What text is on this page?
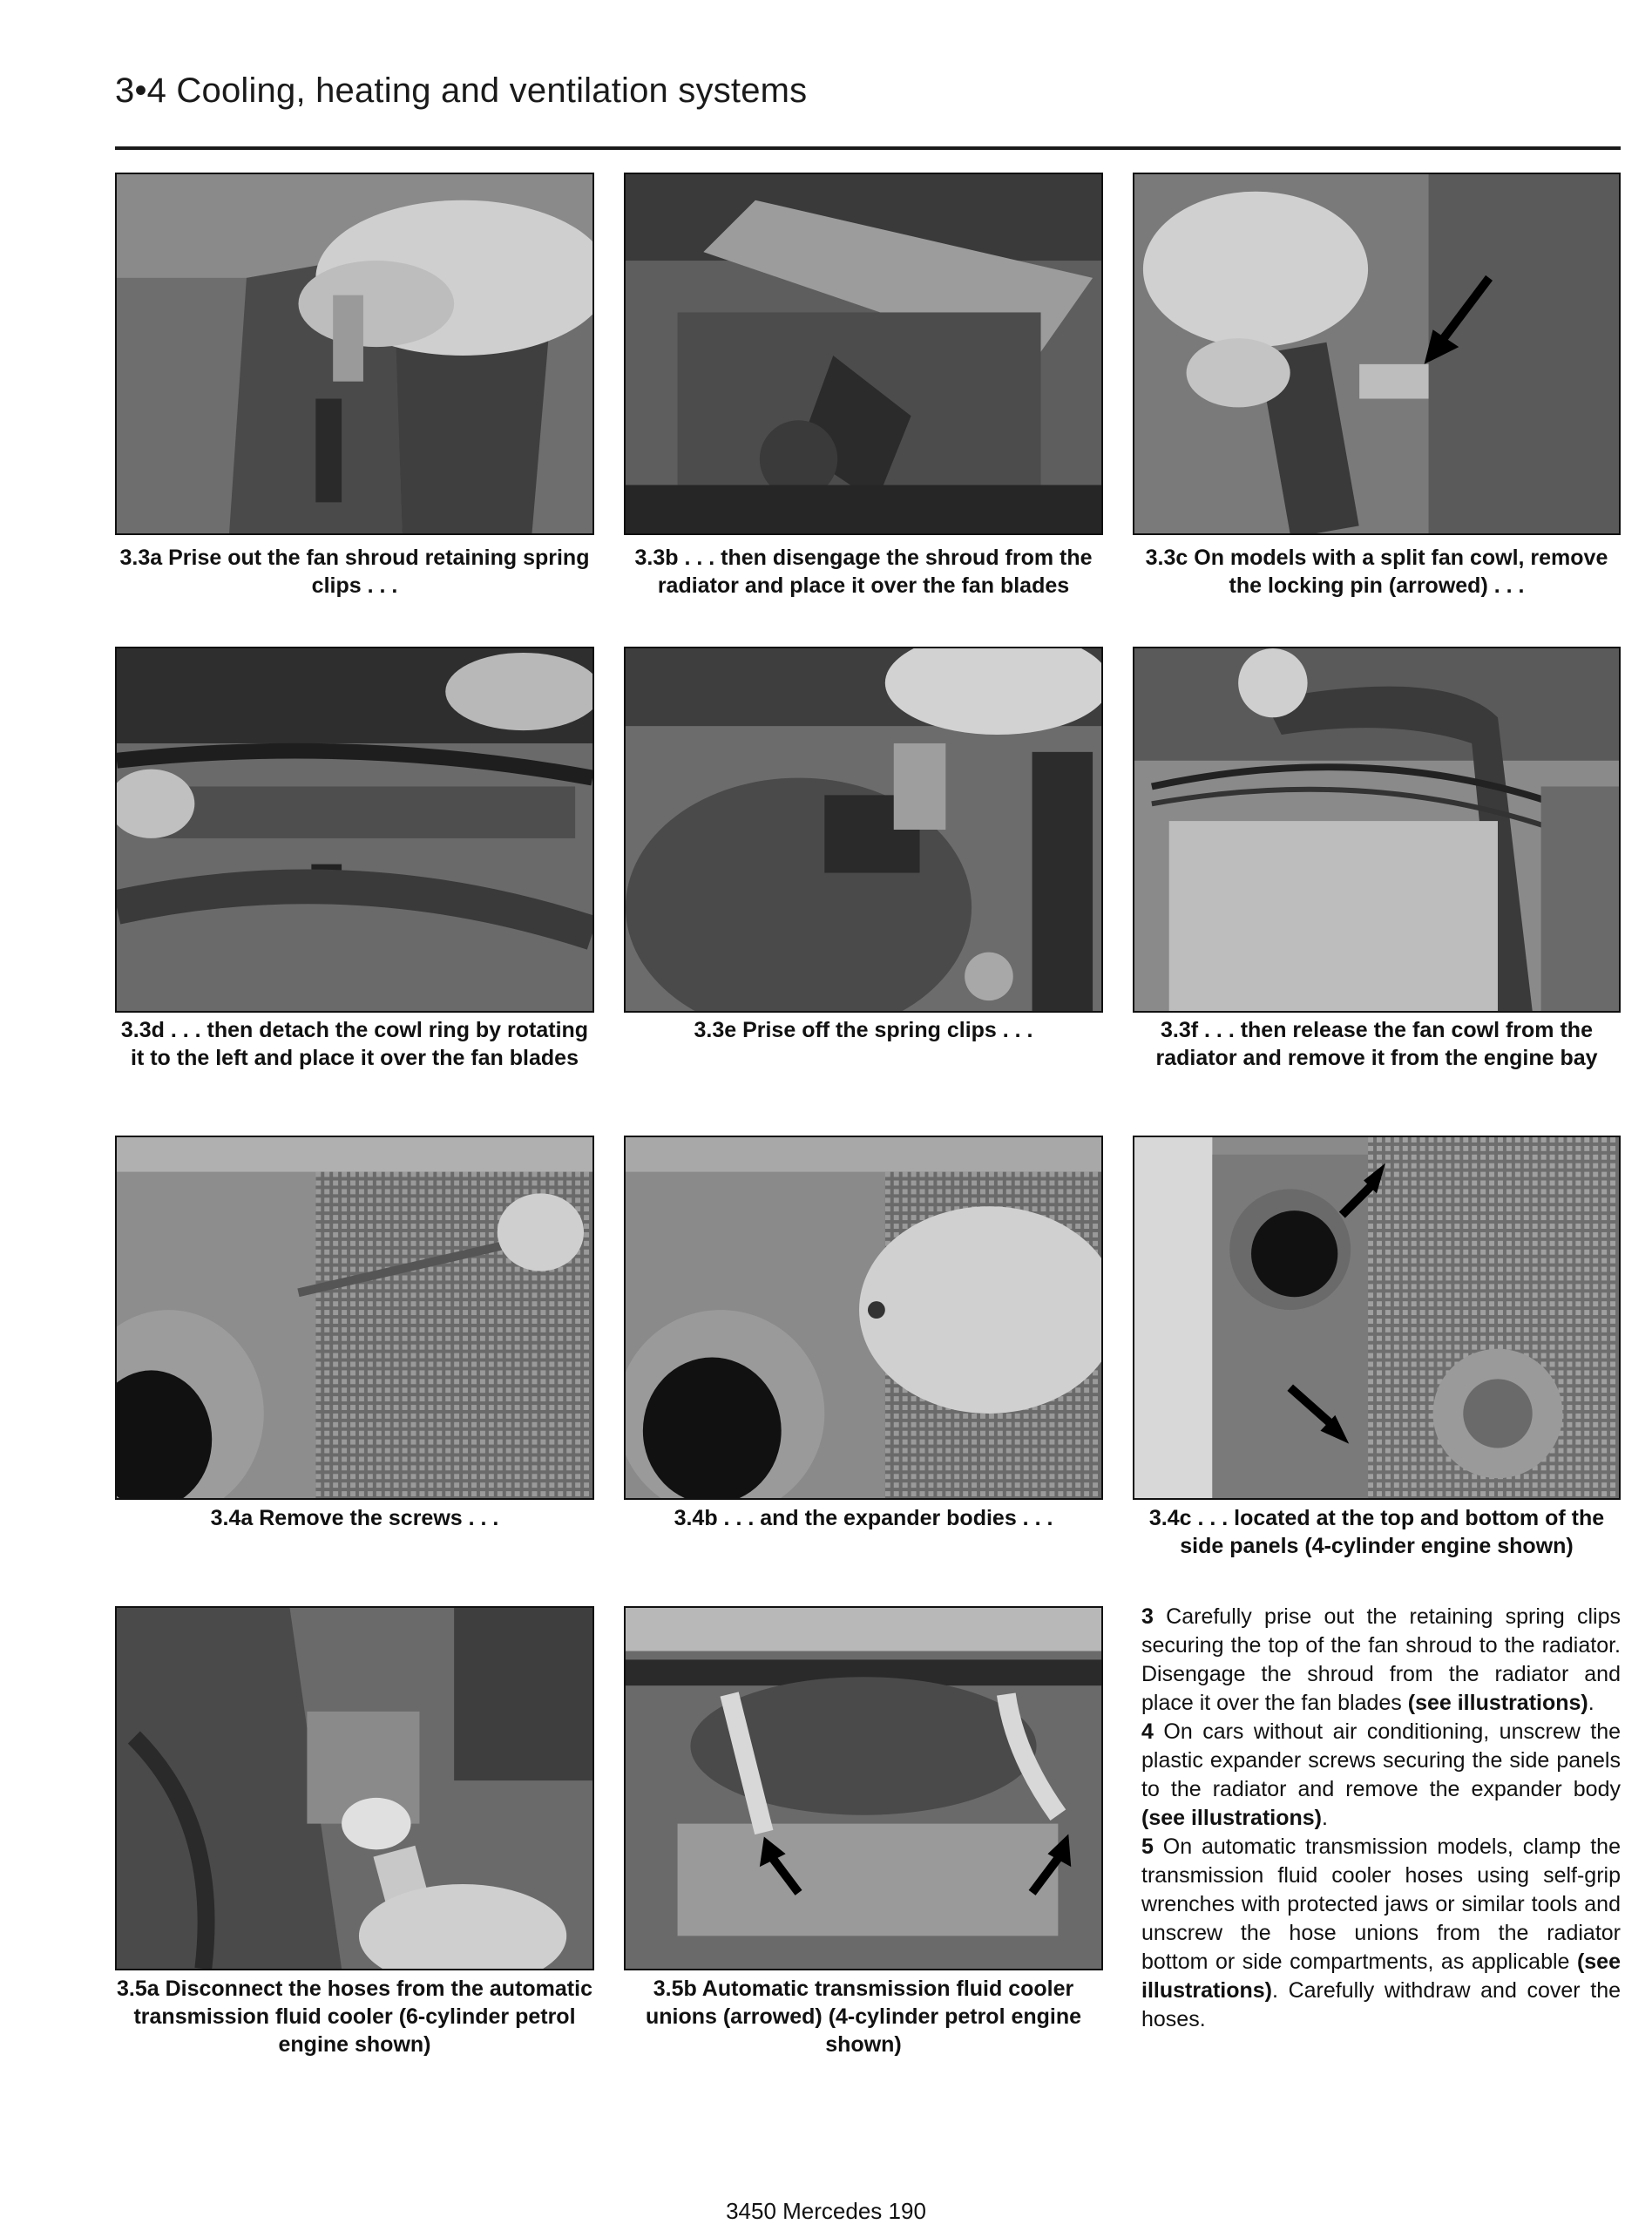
3•4 Cooling, heating and ventilation systems
3.3a Prise out the fan shroud retaining spring clips . . .
3.3b . . . then disengage the shroud from the radiator and place it over the fan blades
3.3c On models with a split fan cowl, remove the locking pin (arrowed) . . .
3.3d . . . then detach the cowl ring by rotating it to the left and place it over the fan blades
3.3e Prise off the spring clips . . .	3.3f . . . then release the fan cowl from the radiator and remove it from the engine bay
3.4a Remove the screws . . .	3.4b . . . and the expander bodies . . .	3.4c . . . located at the top and bottom of the side panels (4-cylinder engine shown)
3.5a Disconnect the hoses from the automatic transmission fluid cooler (6-cylinder petrol engine shown)
3.5b Automatic transmission fluid cooler unions (arrowed) (4-cylinder petrol engine shown)

3 Carefully prise out the retaining spring clips securing the top of the fan shroud to the radiator. Disengage the shroud from the radiator and place it over the fan blades (see illustrations).

4 On cars without air conditioning, unscrew the plastic expander screws securing the side panels to the radiator and remove the expander body (see illustrations).

5 On automatic transmission models, clamp the transmission fluid cooler hoses using self-grip wrenches with protected jaws or similar tools and unscrew the hose unions from the radiator bottom or side compartments, as applicable (see illustrations). Carefully withdraw and cover the hoses.

3450 Mercedes 190
